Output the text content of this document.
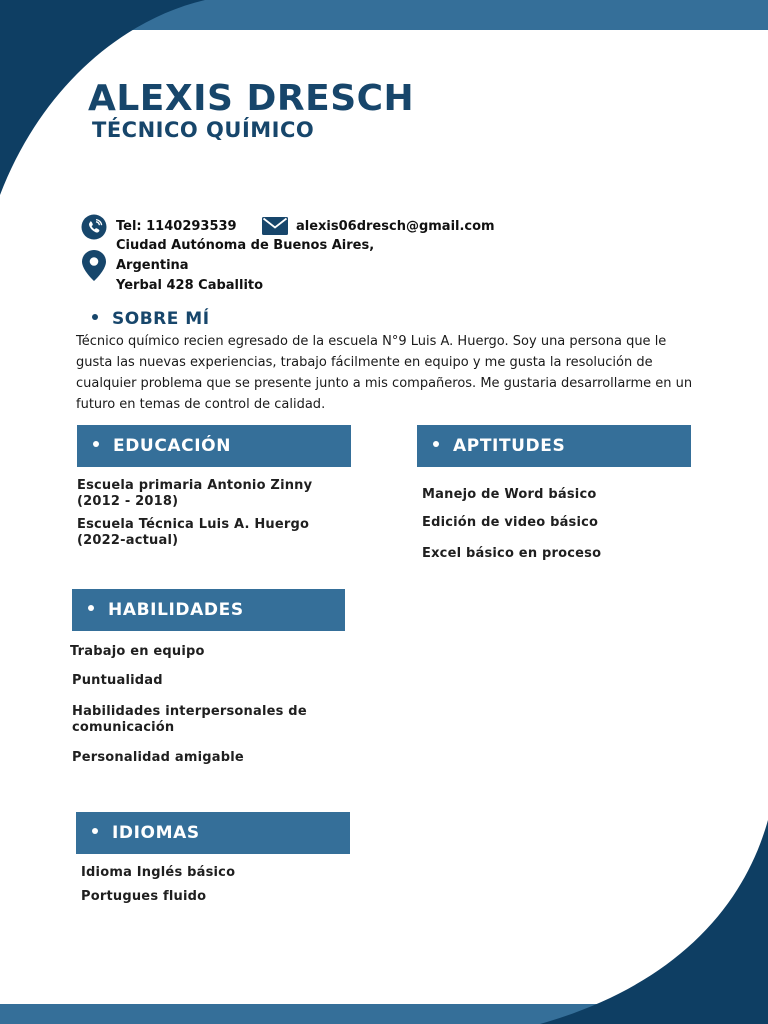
ALEXIS DRESCH
TÉCNICO QUÍMICO
Tel: 1140293539	alexis06dresch@gmail.com
Ciudad Autónoma de Buenos Aires,
Argentina
Yerbal 428 Caballito
SOBRE MÍ
Técnico químico recien egresado de la escuela N°9 Luis A. Huergo. Soy una persona que le gusta las nuevas experiencias, trabajo fácilmente en equipo y me gusta la resolución de cualquier problema que se presente junto a mis compañeros. Me gustaria desarrollarme en un futuro en temas de control de calidad.
EDUCACIÓN
Escuela primaria Antonio Zinny
(2012 - 2018)
Escuela Técnica Luis A. Huergo
(2022-actual)
APTITUDES
Manejo de Word básico
Edición de video básico
Excel básico en proceso
HABILIDADES
Trabajo en equipo
Puntualidad
Habilidades interpersonales de comunicación
Personalidad amigable
IDIOMAS
Idioma Inglés básico
Portugues fluido
